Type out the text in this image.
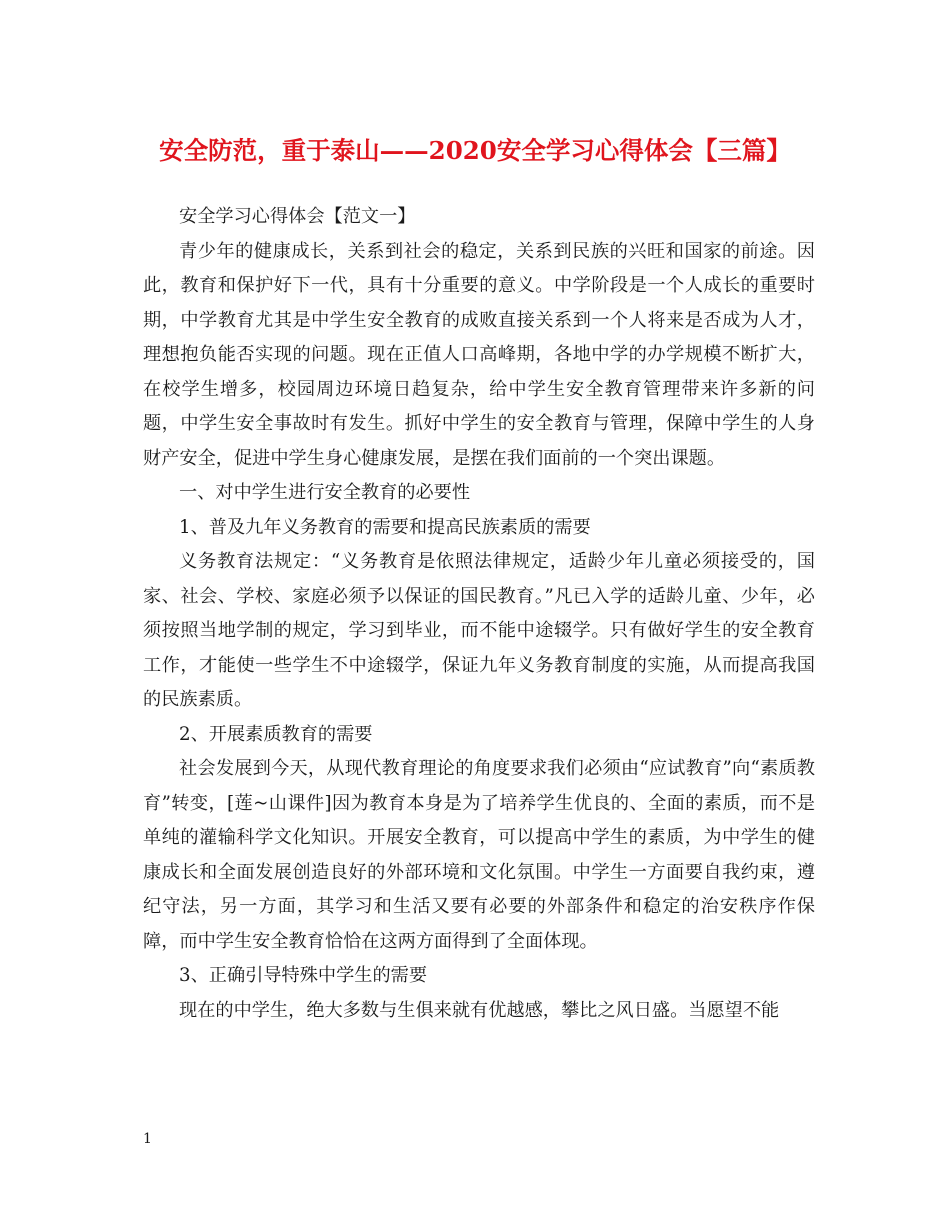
安全防范，重于泰山——2020安全学习心得体会【三篇】

安全学习心得体会【范文一】

青少年的健康成长，关系到社会的稳定，关系到民族的兴旺和国家的前途。因此，教育和保护好下一代，具有十分重要的意义。中学阶段是一个人成长的重要时期，中学教育尤其是中学生安全教育的成败直接关系到一个人将来是否成为人才，理想抱负能否实现的问题。现在正值人口高峰期，各地中学的办学规模不断扩大，在校学生增多，校园周边环境日趋复杂，给中学生安全教育管理带来许多新的问题，中学生安全事故时有发生。抓好中学生的安全教育与管理，保障中学生的人身财产安全，促进中学生身心健康发展，是摆在我们面前的一个突出课题。

一、对中学生进行安全教育的必要性

1、普及九年义务教育的需要和提高民族素质的需要

义务教育法规定：“义务教育是依照法律规定，适龄少年儿童必须接受的，国家、社会、学校、家庭必须予以保证的国民教育。”凡已入学的适龄儿童、少年，必须按照当地学制的规定，学习到毕业，而不能中途辍学。只有做好学生的安全教育工作，才能使一些学生不中途辍学，保证九年义务教育制度的实施，从而提高我国的民族素质。

2、开展素质教育的需要

社会发展到今天，从现代教育理论的角度要求我们必须由“应试教育”向“素质教育”转变，[莲~山课件]因为教育本身是为了培养学生优良的、全面的素质，而不是单纯的灌输科学文化知识。开展安全教育，可以提高中学生的素质，为中学生的健康成长和全面发展创造良好的外部环境和文化氛围。中学生一方面要自我约束，遵纪守法，另一方面，其学习和生活又要有必要的外部条件和稳定的治安秩序作保障，而中学生安全教育恰恰在这两方面得到了全面体现。

3、正确引导特殊中学生的需要

现在的中学生，绝大多数与生俱来就有优越感，攀比之风日盛。当愿望不能

1
